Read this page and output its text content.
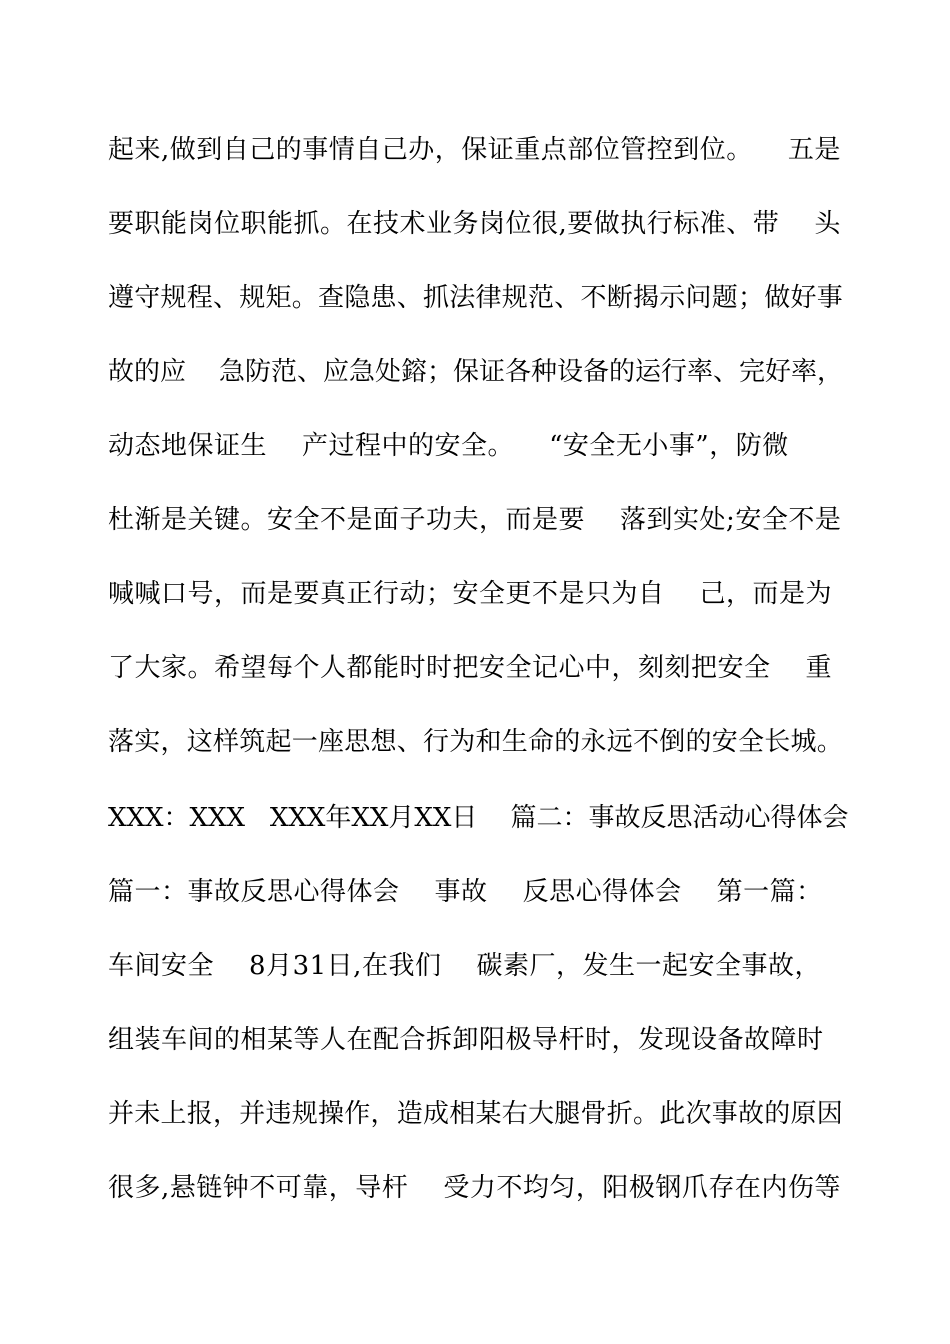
起来,做到自己的事情自己办，保证重点部位管控到位。    五是
要职能岗位职能抓。在技术业务岗位很,要做执行标准、带    头
遵守规程、规矩。查隐患、抓法律规范、不断揭示问题；做好事
故的应    急防范、应急处鎔；保证各种设备的运行率、完好率，
动态地保证生    产过程中的安全。    “安全无小事”，防微
杜渐是关键。安全不是面子功夫，而是要    落到实处;安全不是
喊喊口号，而是要真正行动；安全更不是只为自    己，而是为
了大家。希望每个人都能时时把安全记心中，刻刻把安全    重
落实，这样筑起一座思想、行为和生命的永远不倒的安全长城。
XXX：XXX   XXX年XX月XX日    篇二：事故反思活动心得体会
篇一：事故反思心得体会    事故    反思心得体会    第一篇：
车间安全    8月31日,在我们    碳素厂，发生一起安全事故，
组装车间的相某等人在配合拆卸阳极导杆时，发现设备故障时
并未上报，并违规操作，造成相某右大腿骨折。此次事故的原因
很多,悬链钟不可靠，导杆    受力不均匀，阳极钢爪存在内伤等
